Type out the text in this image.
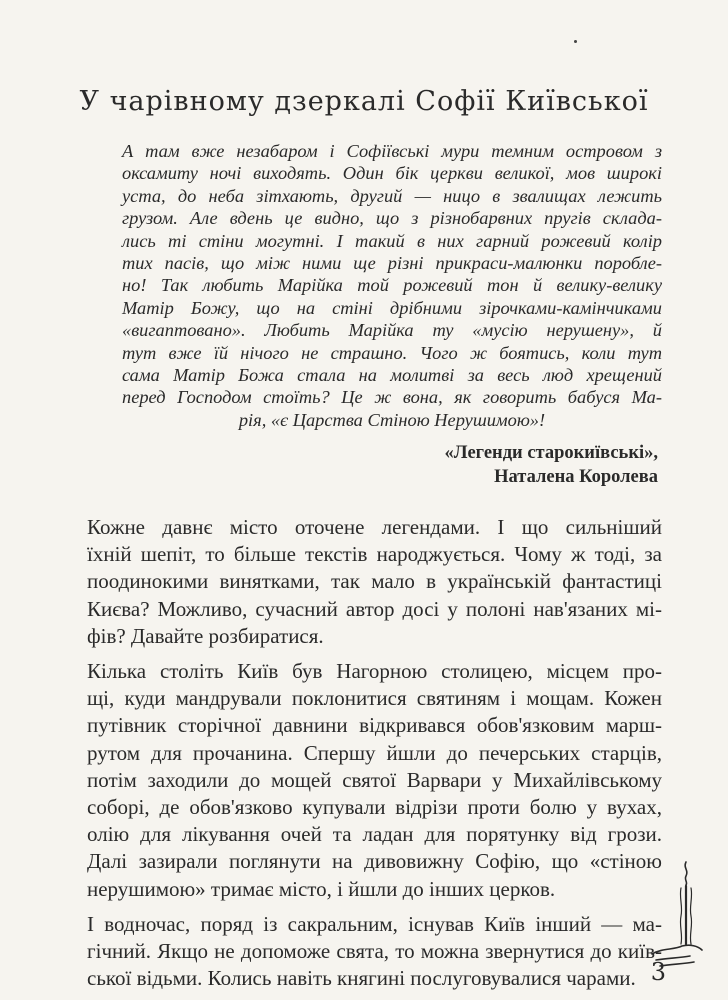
У чарівному дзеркалі Софії Київської
А там вже незабаром і Софіївські мури темним островом з
оксамиту ночі виходять. Один бік церкви великої, мов широкі
уста, до неба зітхають, другий — ницо в звалищах лежить
грузом. Але вдень це видно, що з різнобарвних пругів склада-
лись ті стіни могутні. І такий в них гарний рожевий колір
тих пасів, що між ними ще різні прикраси-малюнки пороблe-
но! Так любить Марійка той рожевий тон й велику-велику
Матір Божу, що на стіні дрібними зірочками-камінчиками
«вигаптовано». Любить Марійка ту «мусію нерушену», й
тут вже їй нічого не страшно. Чого ж боятись, коли тут
сама Матір Божа стала на молитві за весь люд хрещений
перед Господом стоїть? Це ж вона, як говорить бабуся Ма-
рія, «є Царства Стіною Нерушимою»!
«Легенди старокиївські»,
Наталена Королева
Кожне давнє місто оточене легендами. І що сильніший
їхній шепіт, то більше текстів народжується. Чому ж тоді, за
поодинокими винятками, так мало в українській фантастиці
Києва? Можливо, сучасний автор досі у полоні нав'язаних мі-
фів? Давайте розбиратися.
Кілька століть Київ був Нагорною столицею, місцем про-
щі, куди мандрували поклонитися святиням і мощам. Кожен
путівник сторічної давнини відкривався обов'язковим марш-
рутом для прочанина. Спершу йшли до печерських старців,
потім заходили до мощей святої Варвари у Михайлівському
соборі, де обов'язково купували відрізи проти болю у вухах,
олію для лікування очей та ладан для порятунку від грози.
Далі зазирали поглянути на дивовижну Софію, що «стіною
нерушимою» тримає місто, і йшли до інших церков.
І водночас, поряд із сакральним, існував Київ інший — ма-
гічний. Якщо не допоможе свята, то можна звернутися до київ-
ської відьми. Колись навіть княгині послуговувалися чарами. 3
